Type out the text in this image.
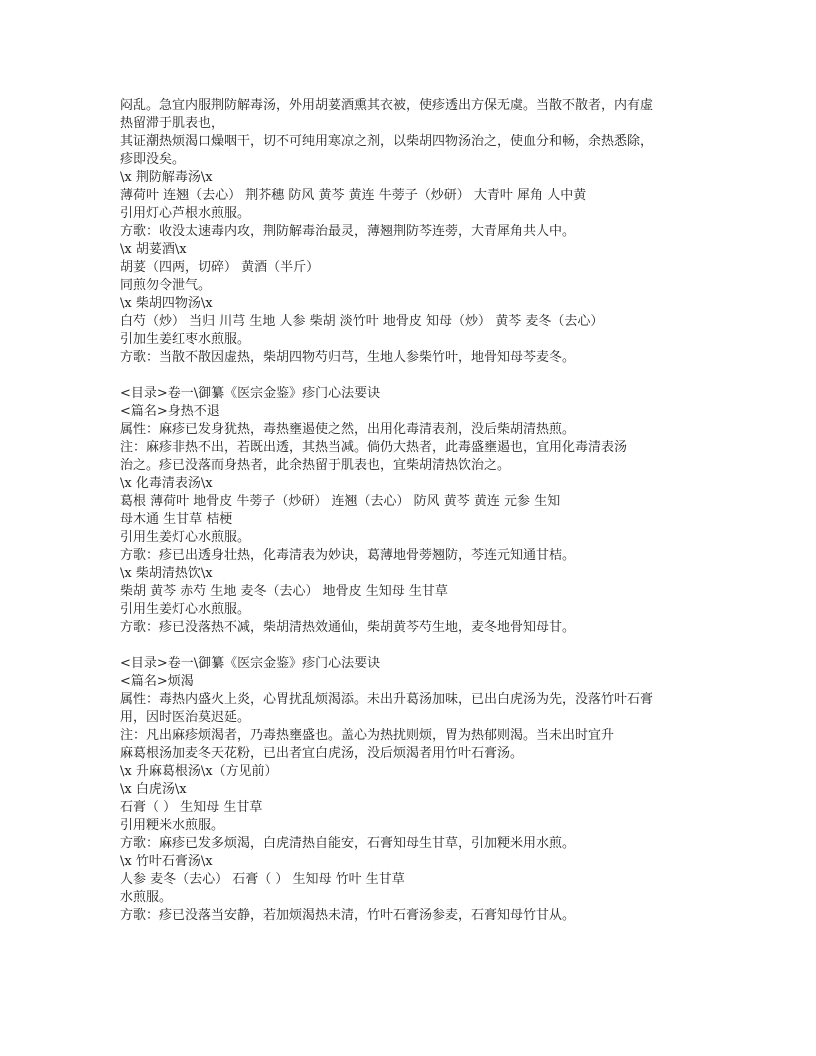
闷乱。急宜内服荆防解毒汤，外用胡荽酒熏其衣被，使疹透出方保无虞。当散不散者，内有虚
热留滞于肌表也，
其证潮热烦渴口燥咽干，切不可纯用寒凉之剂，以柴胡四物汤治之，使血分和畅，余热悉除，
疹即没矣。
\x 荆防解毒汤\x
薄荷叶 连翘（去心） 荆芥穗 防风 黄芩 黄连 牛蒡子（炒研） 大青叶 犀角 人中黄
引用灯心芦根水煎服。
方歌：收没太速毒内攻，荆防解毒治最灵，薄翘荆防芩连蒡，大青犀角共人中。
\x 胡荽酒\x
胡荽（四两，切碎） 黄酒（半斤）
同煎勿令泄气。
\x 柴胡四物汤\x
白芍（炒） 当归 川芎 生地 人参 柴胡 淡竹叶 地骨皮 知母（炒） 黄芩 麦冬（去心）
引加生姜红枣水煎服。
方歌：当散不散因虚热，柴胡四物芍归芎，生地人参柴竹叶，地骨知母芩麦冬。
<目录>卷一\御纂《医宗金鉴》疹门心法要诀
<篇名>身热不退
属性：麻疹已发身犹热，毒热壅遏使之然，出用化毒清表剂，没后柴胡清热煎。
注：麻疹非热不出，若既出透，其热当减。倘仍大热者，此毒盛壅遏也，宜用化毒清表汤
治之。疹已没落而身热者，此余热留于肌表也，宜柴胡清热饮治之。
\x 化毒清表汤\x
葛根 薄荷叶 地骨皮 牛蒡子（炒研） 连翘（去心） 防风 黄芩 黄连 元参 生知
母木通 生甘草 桔梗
引用生姜灯心水煎服。
方歌：疹已出透身壮热，化毒清表为妙诀，葛薄地骨蒡翘防，芩连元知通甘桔。
\x 柴胡清热饮\x
柴胡 黄芩 赤芍 生地 麦冬（去心） 地骨皮 生知母 生甘草
引用生姜灯心水煎服。
方歌：疹已没落热不减，柴胡清热效通仙，柴胡黄芩芍生地，麦冬地骨知母甘。
<目录>卷一\御纂《医宗金鉴》疹门心法要诀
<篇名>烦渴
属性：毒热内盛火上炎，心胃扰乱烦渴添。未出升葛汤加味，已出白虎汤为先，没落竹叶石膏
用，因时医治莫迟延。
注：凡出麻疹烦渴者，乃毒热壅盛也。盖心为热扰则烦，胃为热郁则渴。当未出时宜升
麻葛根汤加麦冬天花粉，已出者宜白虎汤，没后烦渴者用竹叶石膏汤。
\x 升麻葛根汤\x（方见前）
\x 白虎汤\x
石膏（ ） 生知母 生甘草
引用粳米水煎服。
方歌：麻疹已发多烦渴，白虎清热自能安，石膏知母生甘草，引加粳米用水煎。
\x 竹叶石膏汤\x
人参 麦冬（去心） 石膏（ ） 生知母 竹叶 生甘草
水煎服。
方歌：疹已没落当安静，若加烦渴热未清，竹叶石膏汤参麦，石膏知母竹甘从。
